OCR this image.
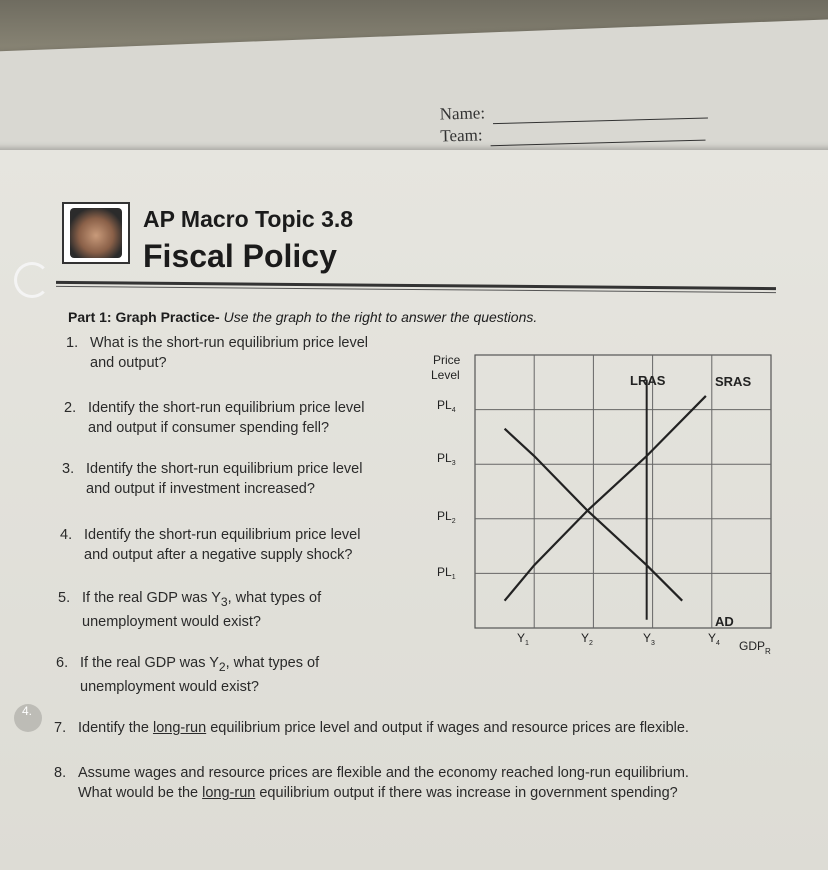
Name:
Team:
AP Macro Topic 3.8
Fiscal Policy
Part 1: Graph Practice- Use the graph to the right to answer the questions.
1. What is the short-run equilibrium price level
and output?
2. Identify the short-run equilibrium price level
and output if consumer spending fell?
3. Identify the short-run equilibrium price level
and output if investment increased?
4. Identify the short-run equilibrium price level
and output after a negative supply shock?
5. If the real GDP was $Y_3$, what types of
unemployment would exist?
6. If the real GDP was $Y_2$, what types of
unemployment would exist?
4.
7. Identify the long-run equilibrium price level and output if wages and resource prices are flexible.
8. Assume wages and resource prices are flexible and the economy reached long-run equilibrium.
What would be the long-run equilibrium output if there was increase in government spending?
Price
Level
$PL_4$
$PL_3$
$PL_2$
$PL_1$
$Y_1$	$Y_2$	$Y_3$	$Y_4$
LRAS	SRAS
AD
$GDP_R$
